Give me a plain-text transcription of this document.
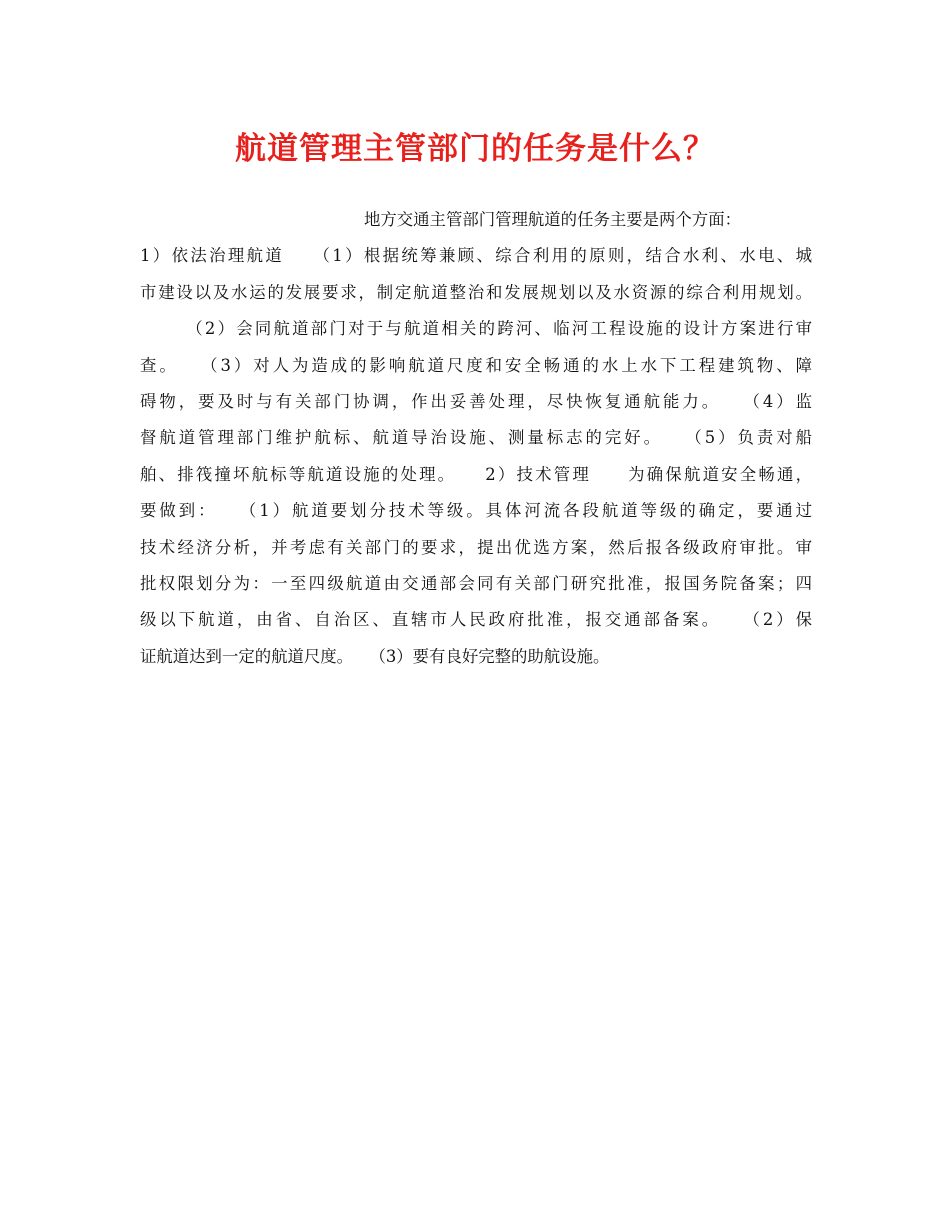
航道管理主管部门的任务是什么？
地方交通主管部门管理航道的任务主要是两个方面：
1）依法治理航道　　（1）根据统筹兼顾、综合利用的原则，结合水利、水电、城
市建设以及水运的发展要求，制定航道整治和发展规划以及水资源的综合利用规划。
（2）会同航道部门对于与航道相关的跨河、临河工程设施的设计方案进行审
查。　　（3）对人为造成的影响航道尺度和安全畅通的水上水下工程建筑物、障
碍物，要及时与有关部门协调，作出妥善处理，尽快恢复通航能力。　　（4）监
督航道管理部门维护航标、航道导治设施、测量标志的完好。　　（5）负责对船
舶、排筏撞坏航标等航道设施的处理。　　2）技术管理　　为确保航道安全畅通，
要做到：　　（1）航道要划分技术等级。具体河流各段航道等级的确定，要通过
技术经济分析，并考虑有关部门的要求，提出优选方案，然后报各级政府审批。审
批权限划分为：一至四级航道由交通部会同有关部门研究批准，报国务院备案；四
级以下航道，由省、自治区、直辖市人民政府批准，报交通部备案。　　（2）保
证航道达到一定的航道尺度。　　（3）要有良好完整的助航设施。
